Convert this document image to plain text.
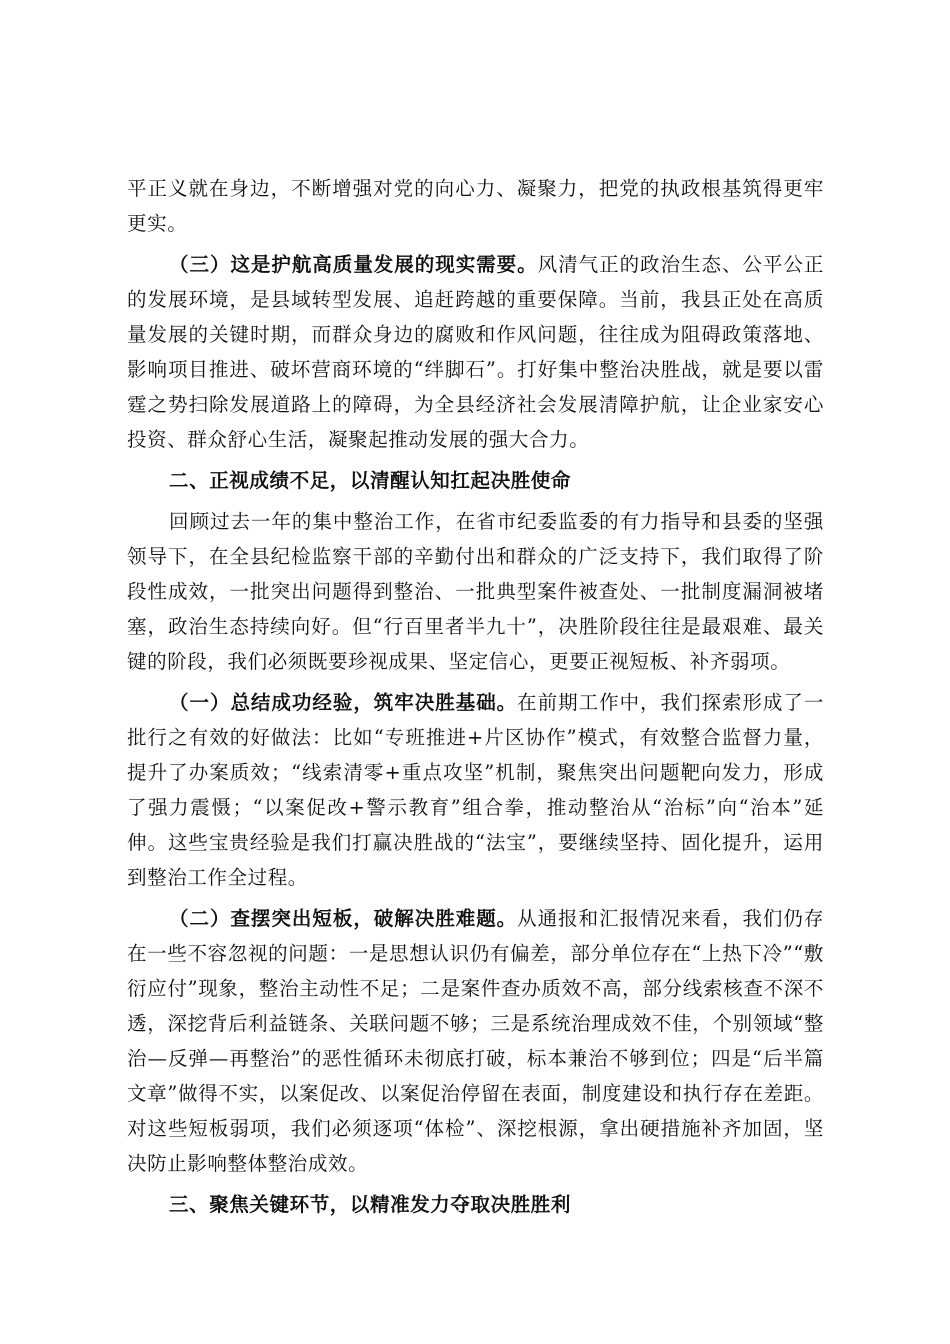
平正义就在身边，不断增强对党的向心力、凝聚力，把党的执政根基筑得更牢更实。

（三）这是护航高质量发展的现实需要。风清气正的政治生态、公平公正的发展环境，是县域转型发展、追赶跨越的重要保障。当前，我县正处在高质量发展的关键时期，而群众身边的腐败和作风问题，往往成为阻碍政策落地、影响项目推进、破坏营商环境的“绊脚石”。打好集中整治决胜战，就是要以雷霆之势扫除发展道路上的障碍，为全县经济社会发展清障护航，让企业家安心投资、群众舒心生活，凝聚起推动发展的强大合力。

二、正视成绩不足，以清醒认知扛起决胜使命

回顾过去一年的集中整治工作，在省市纪委监委的有力指导和县委的坚强领导下，在全县纪检监察干部的辛勤付出和群众的广泛支持下，我们取得了阶段性成效，一批突出问题得到整治、一批典型案件被查处、一批制度漏洞被堵塞，政治生态持续向好。但“行百里者半九十”，决胜阶段往往是最艰难、最关键的阶段，我们必须既要珍视成果、坚定信心，更要正视短板、补齐弱项。

（一）总结成功经验，筑牢决胜基础。在前期工作中，我们探索形成了一批行之有效的好做法：比如“专班推进+片区协作”模式，有效整合监督力量，提升了办案质效；“线索清零+重点攻坚”机制，聚焦突出问题靶向发力，形成了强力震慑；“以案促改+警示教育”组合拳，推动整治从“治标”向“治本”延伸。这些宝贵经验是我们打赢决胜战的“法宝”，要继续坚持、固化提升，运用到整治工作全过程。

（二）查摆突出短板，破解决胜难题。从通报和汇报情况来看，我们仍存在一些不容忽视的问题：一是思想认识仍有偏差，部分单位存在“上热下冷”“敷衍应付”现象，整治主动性不足；二是案件查办质效不高，部分线索核查不深不透，深挖背后利益链条、关联问题不够；三是系统治理成效不佳，个别领域“整治—反弹—再整治”的恶性循环未彻底打破，标本兼治不够到位；四是“后半篇文章”做得不实，以案促改、以案促治停留在表面，制度建设和执行存在差距。对这些短板弱项，我们必须逐项“体检”、深挖根源，拿出硬措施补齐加固，坚决防止影响整体整治成效。

三、聚焦关键环节，以精准发力夺取决胜胜利
